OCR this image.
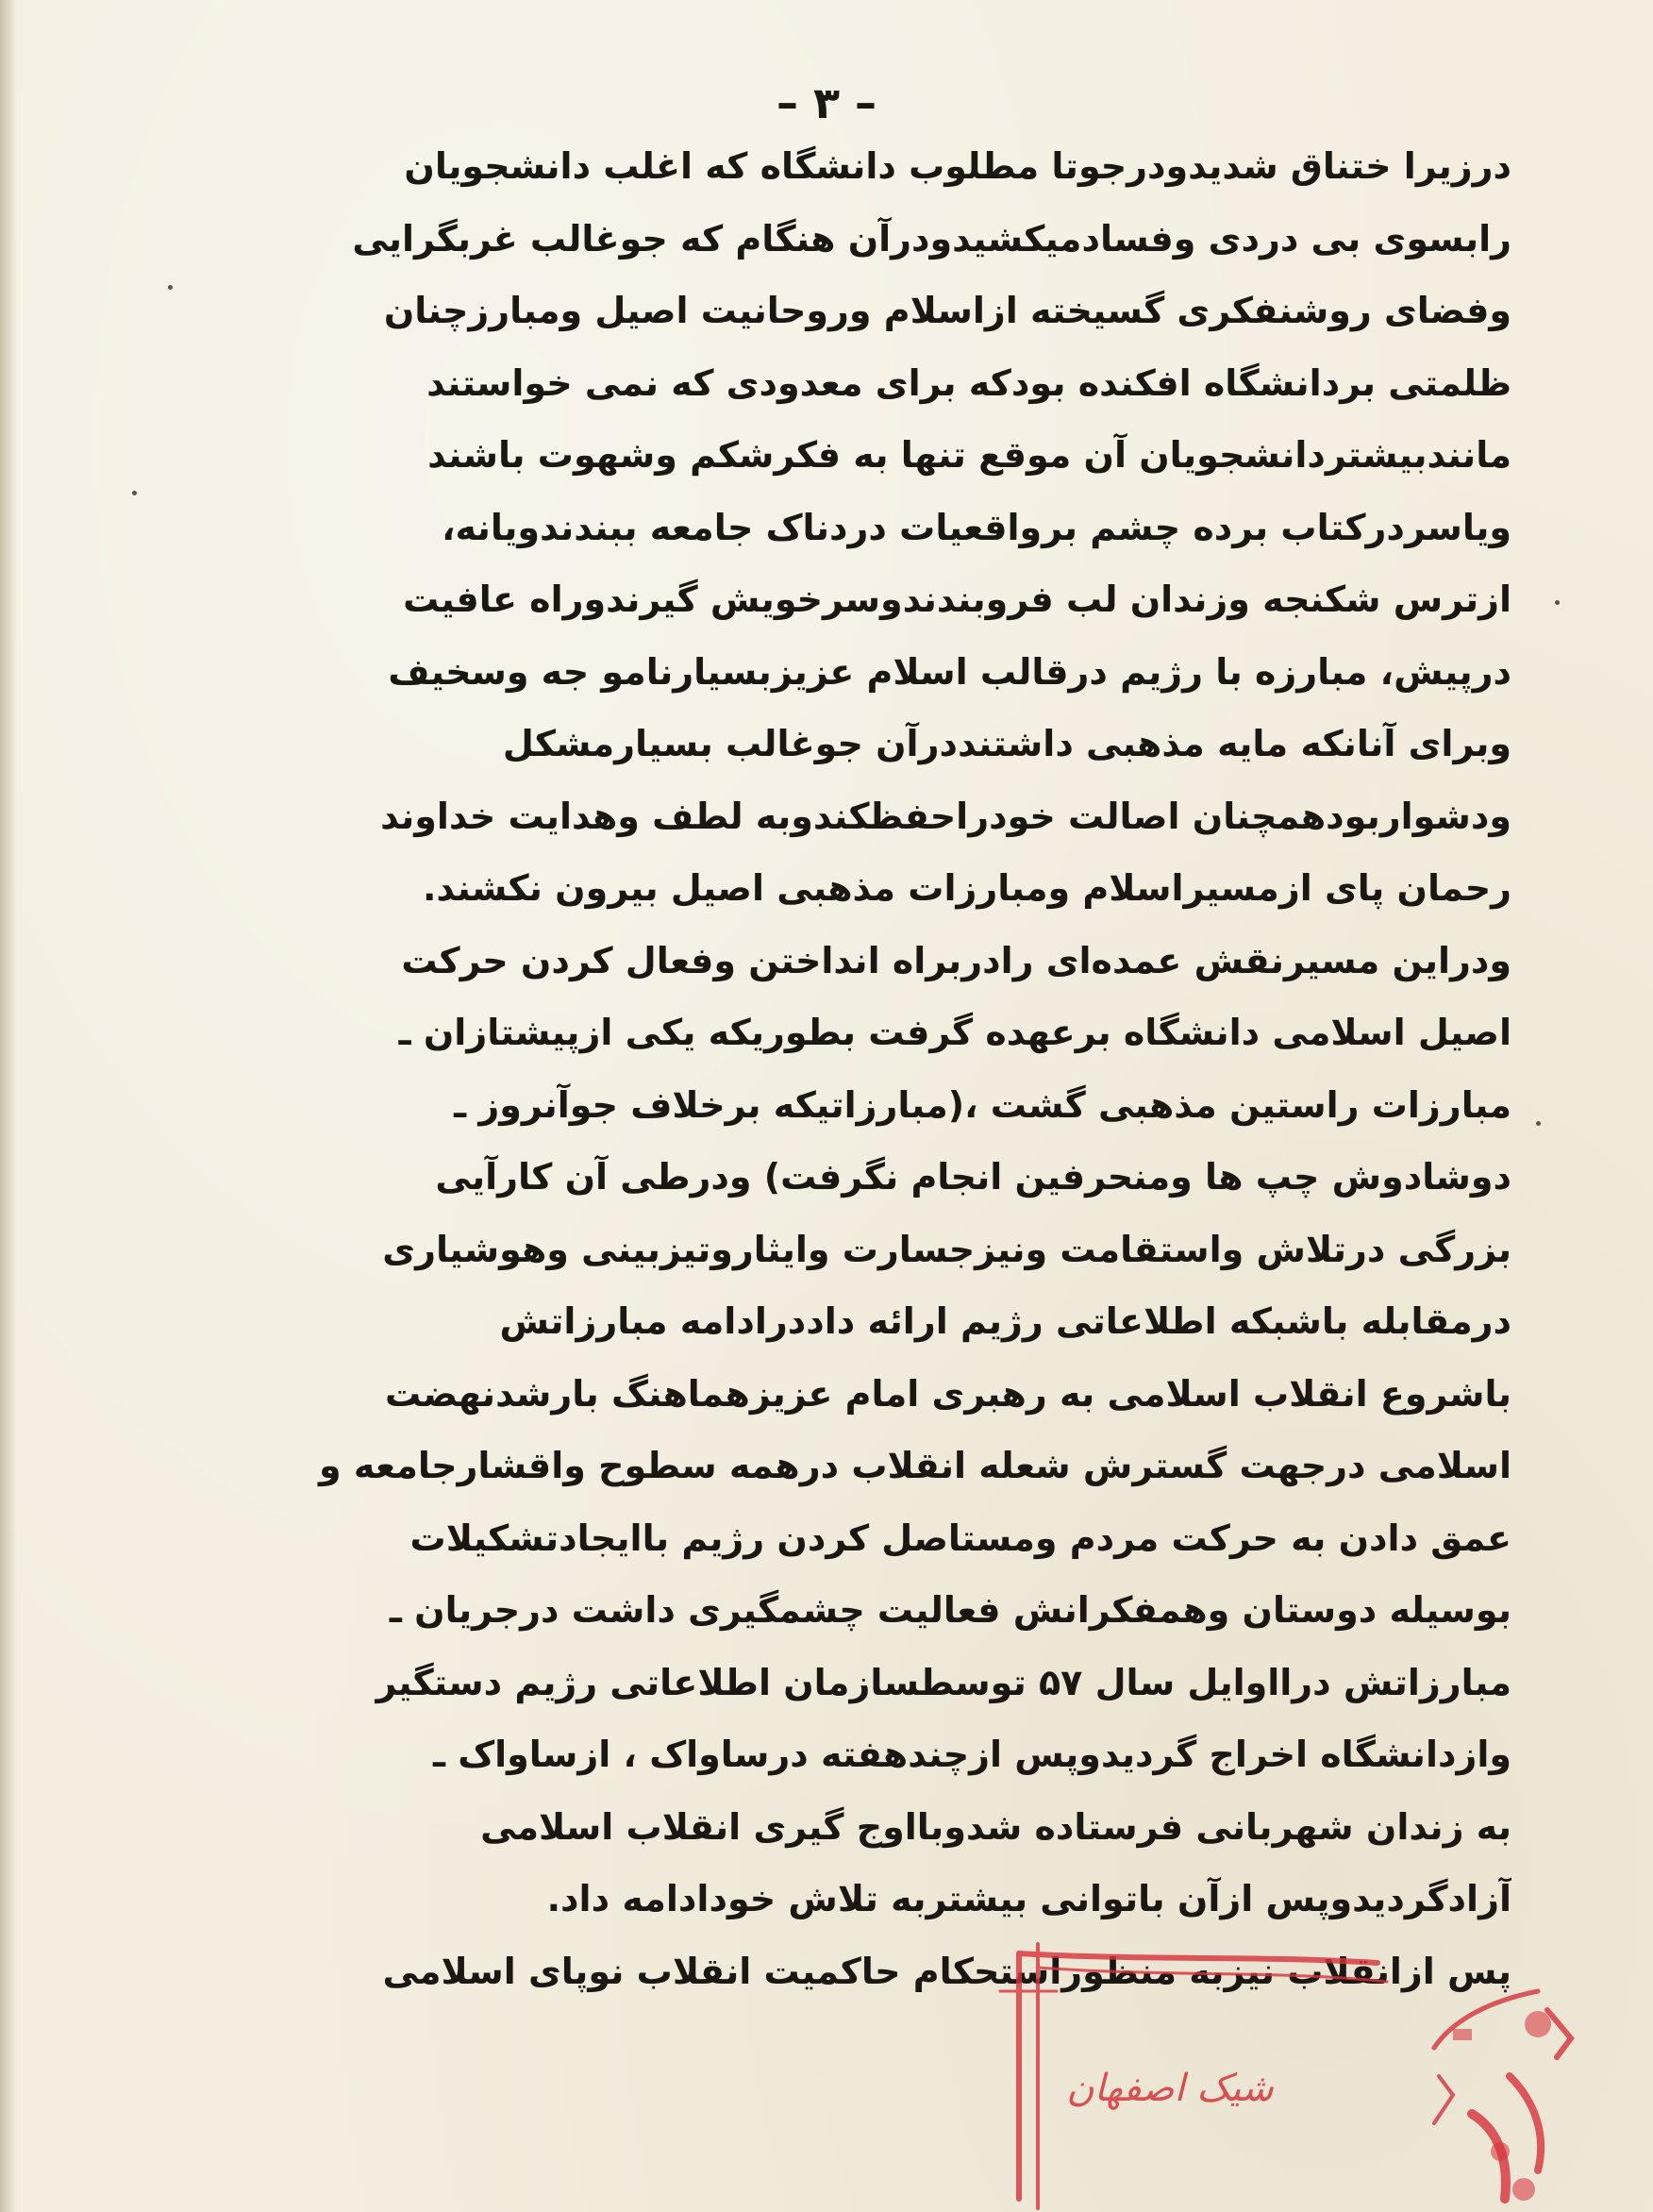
– ٣ –
درزیرا ختناق شدیدودرجوتا مطلوب دانشگاه که اغلب دانشجویان
رابسوی بی دردی وفسادمیکشیدودرآن هنگام که جوغالب غربگرایی
وفضای روشنفکری گسیخته ازاسلام وروحانیت اصیل ومبارزچنان
ظلمتی بردانشگاه افکنده بودکه برای معدودی که نمی خواستند
مانندبیشتردانشجویان آن موقع تنها به فکرشکم وشهوت باشند
ویاسردرکتاب برده چشم برواقعیات دردناک جامعه ببندندویانه،
ازترس شکنجه وزندان لب فروبندندوسرخویش گیرندوراه عافیت
درپیش، مبارزه با رژیم درقالب اسلام عزیزبسیارنامو جه وسخیف
وبرای آنانکه مایه مذهبی داشتنددرآن جوغالب بسیارمشکل
ودشواربودهمچنان اصالت خودراحفظکندوبه لطف وهدایت خداوند
رحمان پای ازمسیراسلام ومبارزات مذهبی اصیل بیرون نکشند.
ودراین مسیرنقش عمده‌ای رادربراه انداختن وفعال کردن حرکت
اصیل اسلامی دانشگاه برعهده گرفت بطوریکه یکی ازپیشتازان ـ
مبارزات راستین مذهبی گشت ،(مبارزاتیکه برخلاف جوآنروز ـ
دوشادوش چپ ها ومنحرفین انجام نگرفت) ودرطی آن کارآیی
بزرگی درتلاش واستقامت ونیزجسارت وایثاروتیزبینی وهوشیاری
درمقابله باشبکه اطلاعاتی رژیم ارائه داددرادامه مبارزاتش
باشروع انقلاب اسلامی به رهبری امام عزیزهماهنگ بارشدنهضت
اسلامی درجهت گسترش شعله انقلاب درهمه سطوح واقشارجامعه و
عمق دادن به حرکت مردم ومستاصل کردن رژیم باایجادتشکیلات
بوسیله دوستان وهمفکرانش فعالیت چشمگیری داشت درجریان ـ
مبارزاتش درااوایل سال ۵۷ توسطسازمان اطلاعاتی رژیم دستگیر
وازدانشگاه اخراج گردیدوپس ازچندهفته درساواک ، ازساواک ـ
به زندان شهربانی فرستاده شدوبااوج گیری انقلاب اسلامی
آزادگردیدوپس ازآن باتوانی بیشتربه تلاش خودادامه داد.
پس ازانقلاب نیزبه منظوراستحکام حاکمیت انقلاب نوپای اسلامی
شیک اصفهان
